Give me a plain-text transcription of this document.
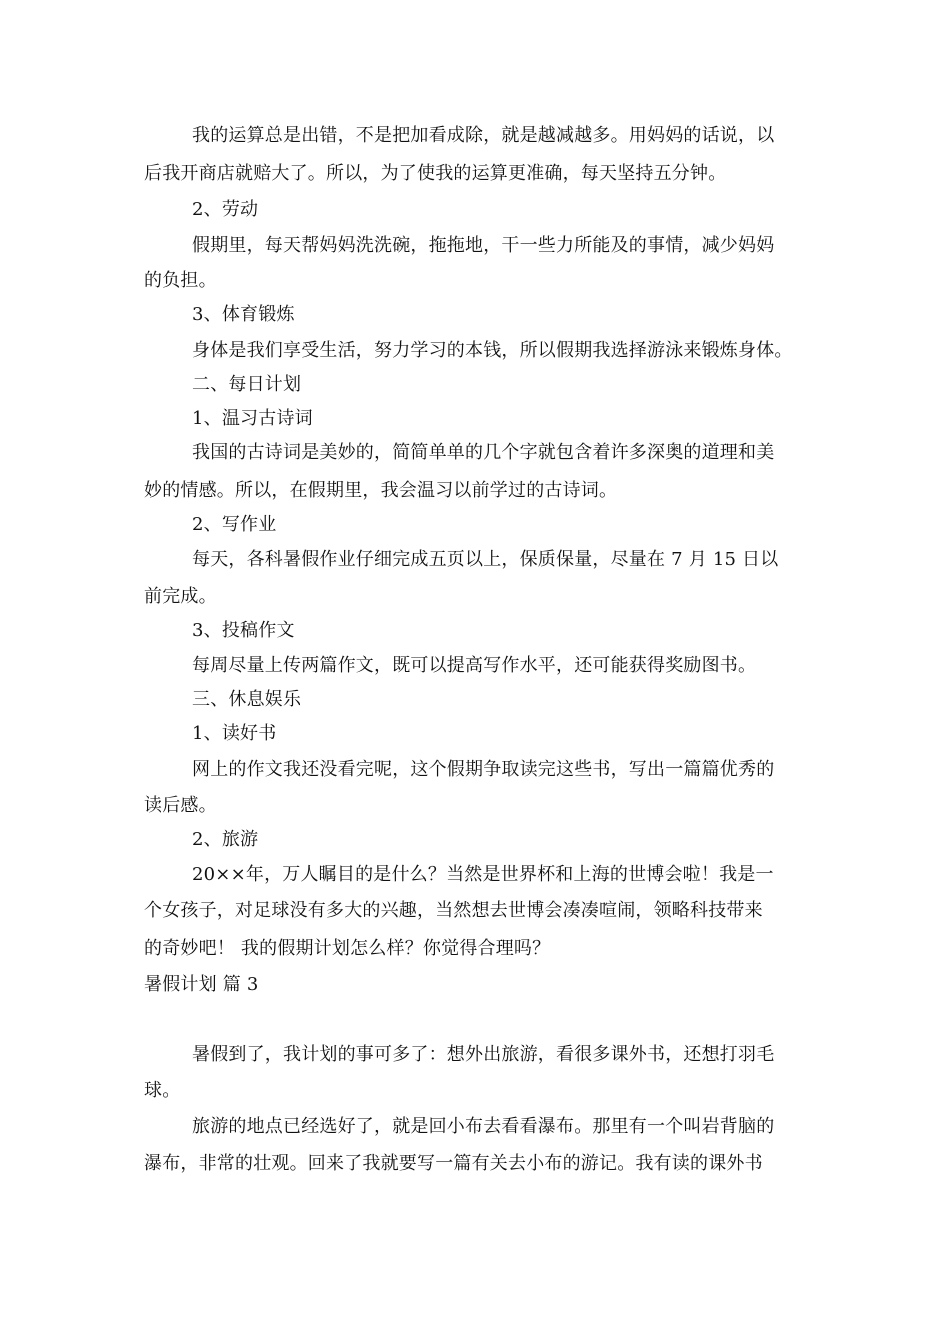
我的运算总是出错，不是把加看成除，就是越减越多。用妈妈的话说，以
后我开商店就赔大了。所以，为了使我的运算更准确，每天坚持五分钟。
2、劳动
假期里，每天帮妈妈洗洗碗，拖拖地，干一些力所能及的事情，减少妈妈
的负担。
3、体育锻炼
身体是我们享受生活，努力学习的本钱，所以假期我选择游泳来锻炼身体。
二、每日计划
1、温习古诗词
我国的古诗词是美妙的，简简单单的几个字就包含着许多深奥的道理和美
妙的情感。所以，在假期里，我会温习以前学过的古诗词。
2、写作业
每天，各科暑假作业仔细完成五页以上，保质保量，尽量在 7 月 15 日以
前完成。
3、投稿作文
每周尽量上传两篇作文，既可以提高写作水平，还可能获得奖励图书。
三、休息娱乐
1、读好书
网上的作文我还没看完呢，这个假期争取读完这些书，写出一篇篇优秀的
读后感。
2、旅游
20××年，万人瞩目的是什么？当然是世界杯和上海的世博会啦！我是一
个女孩子，对足球没有多大的兴趣，当然想去世博会凑凑喧闹，领略科技带来
的奇妙吧！ 我的假期计划怎么样？你觉得合理吗？
暑假计划 篇 3
暑假到了，我计划的事可多了：想外出旅游，看很多课外书，还想打羽毛
球。
旅游的地点已经选好了，就是回小布去看看瀑布。那里有一个叫岩背脑的
瀑布，非常的壮观。回来了我就要写一篇有关去小布的游记。我有读的课外书
